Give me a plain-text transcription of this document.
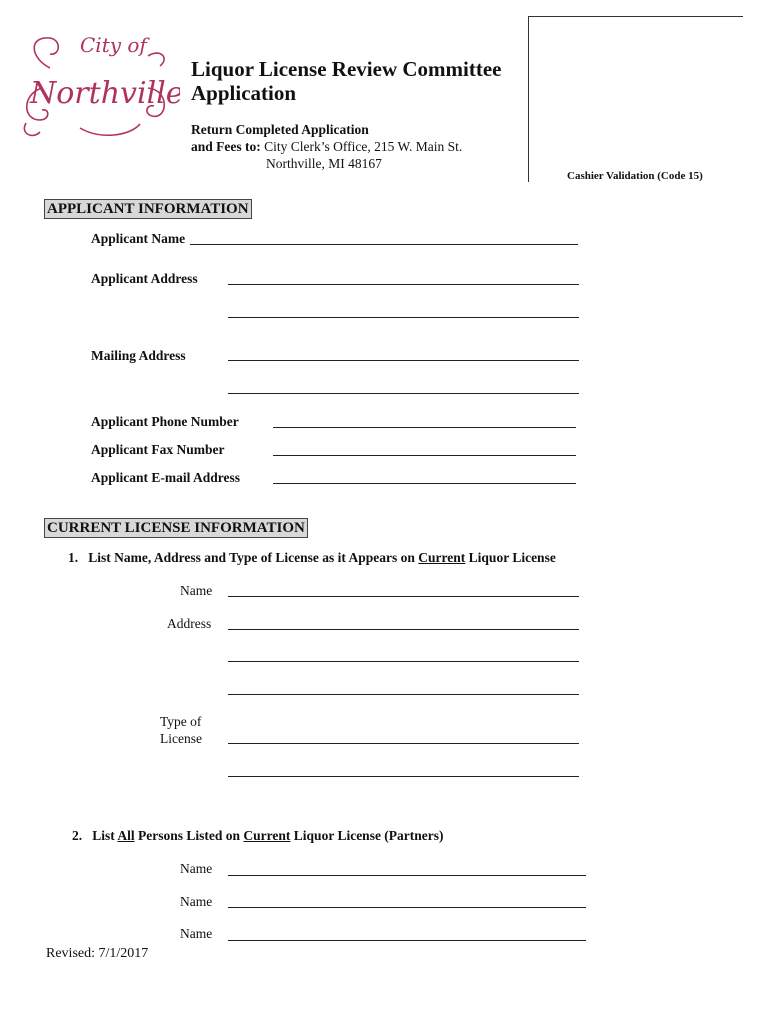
City of
Northville
Liquor License Review Committee
Application
Return Completed Application
and Fees to: City Clerk’s Office, 215 W. Main St.
Northville, MI 48167
Cashier Validation (Code 15)
APPLICANT INFORMATION
Applicant Name
Applicant Address
Mailing Address
Applicant Phone Number
Applicant Fax Number
Applicant E-mail Address
CURRENT LICENSE INFORMATION
1. List Name, Address and Type of License as it Appears on Current Liquor License
Name
Address
Type of
License
2. List All Persons Listed on Current Liquor License (Partners)
Name
Name
Name
Revised: 7/1/2017
